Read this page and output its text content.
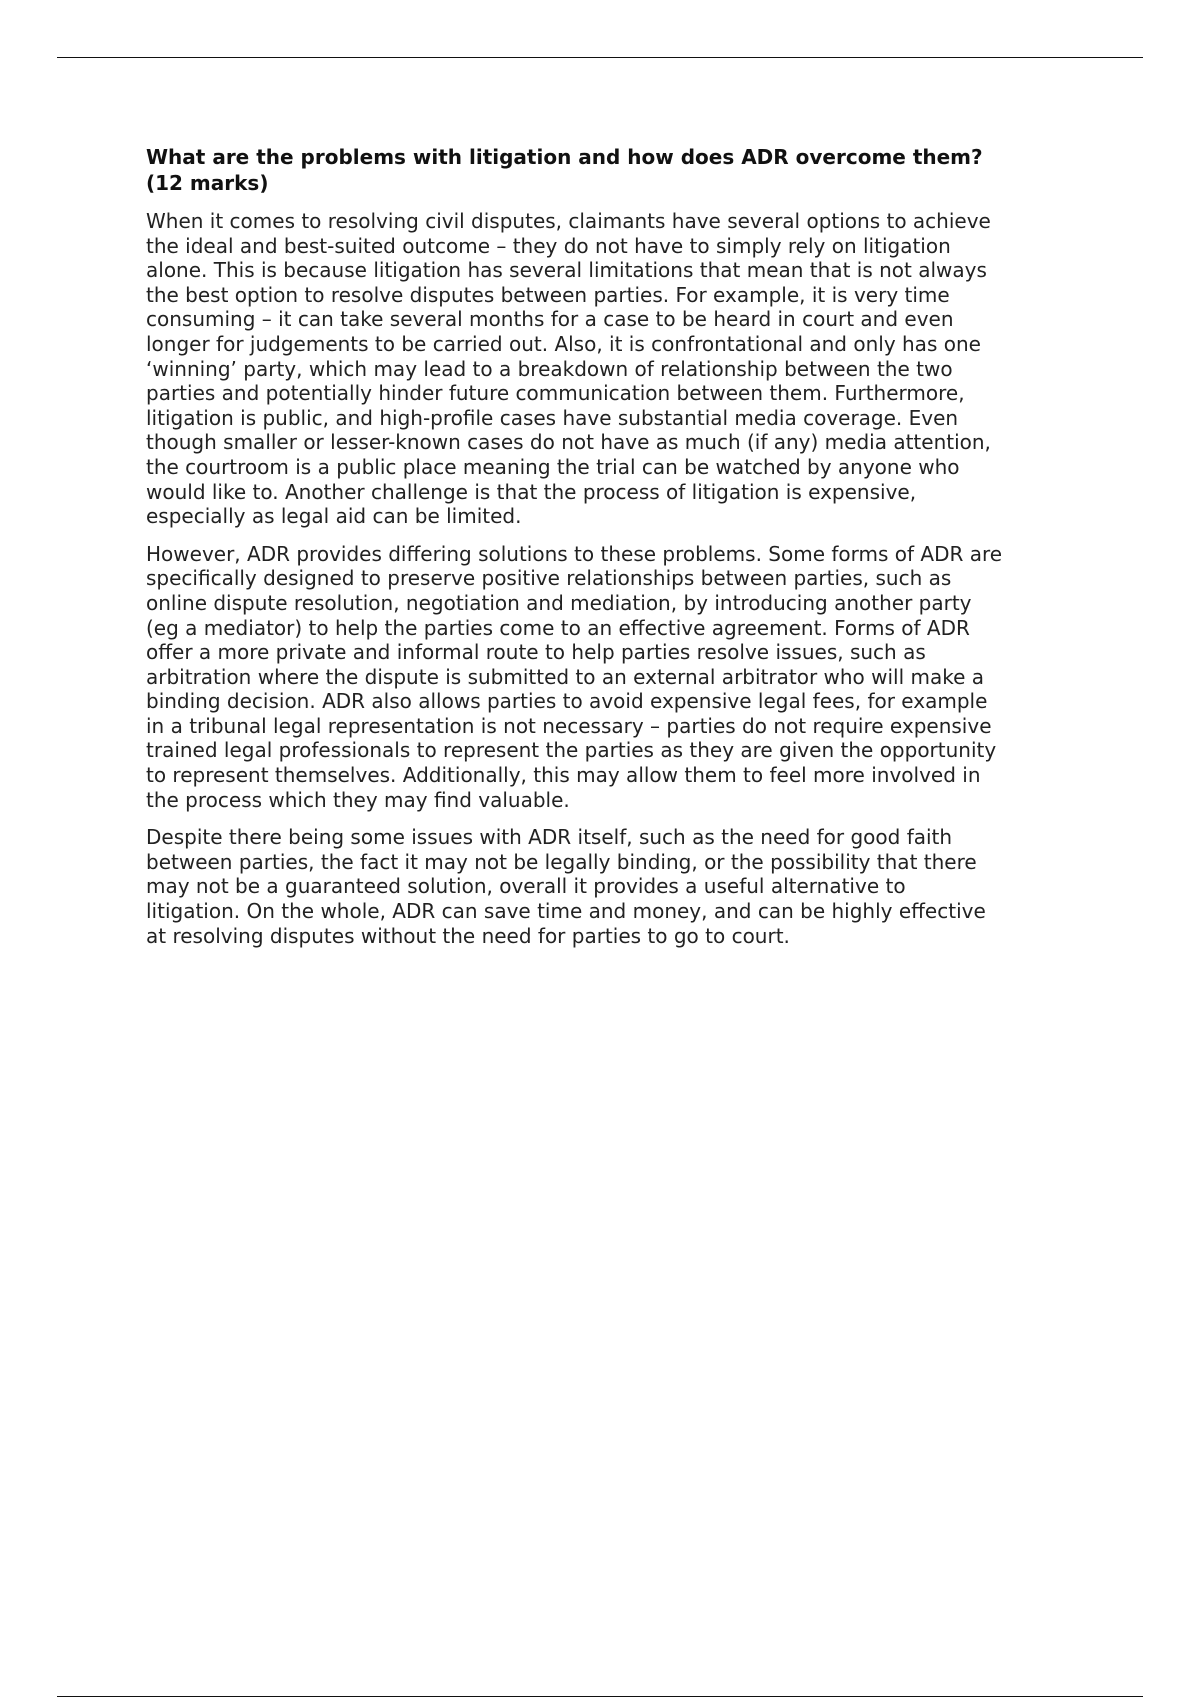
What are the problems with litigation and how does ADR overcome them?
(12 marks)

When it comes to resolving civil disputes, claimants have several options to achieve
the ideal and best-suited outcome – they do not have to simply rely on litigation
alone. This is because litigation has several limitations that mean that is not always
the best option to resolve disputes between parties. For example, it is very time
consuming – it can take several months for a case to be heard in court and even
longer for judgements to be carried out. Also, it is confrontational and only has one
‘winning’ party, which may lead to a breakdown of relationship between the two
parties and potentially hinder future communication between them. Furthermore,
litigation is public, and high-profile cases have substantial media coverage. Even
though smaller or lesser-known cases do not have as much (if any) media attention,
the courtroom is a public place meaning the trial can be watched by anyone who
would like to. Another challenge is that the process of litigation is expensive,
especially as legal aid can be limited.

However, ADR provides differing solutions to these problems. Some forms of ADR are
specifically designed to preserve positive relationships between parties, such as
online dispute resolution, negotiation and mediation, by introducing another party
(eg a mediator) to help the parties come to an effective agreement. Forms of ADR
offer a more private and informal route to help parties resolve issues, such as
arbitration where the dispute is submitted to an external arbitrator who will make a
binding decision. ADR also allows parties to avoid expensive legal fees, for example
in a tribunal legal representation is not necessary – parties do not require expensive
trained legal professionals to represent the parties as they are given the opportunity
to represent themselves. Additionally, this may allow them to feel more involved in
the process which they may find valuable.

Despite there being some issues with ADR itself, such as the need for good faith
between parties, the fact it may not be legally binding, or the possibility that there
may not be a guaranteed solution, overall it provides a useful alternative to
litigation. On the whole, ADR can save time and money, and can be highly effective
at resolving disputes without the need for parties to go to court.
